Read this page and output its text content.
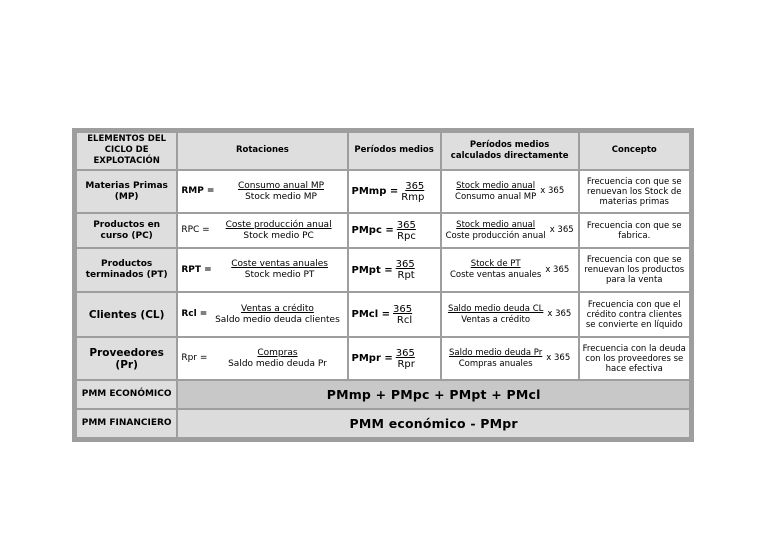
ELEMENTOS DEL CICLO DE EXPLOTACIÓN	Rotaciones	Períodos medios	Períodos medios calculados directamente	Concepto
Materias Primas (MP)	RMP = $\frac{\text{Consumo anual MP}}{\text{Stock medio MP}}$	PMmp = $\frac{365}{\text{Rmp}}$	$\frac{\text{Stock medio anual}}{\text{Consumo anual MP}}$ x 365	Frecuencia con que se renuevan los Stock de materias primas
Productos en curso (PC)	RPC = $\frac{\text{Coste producción anual}}{\text{Stock medio PC}}$	PMpc = $\frac{365}{\text{Rpc}}$	$\frac{\text{Stock medio anual}}{\text{Coste producción anual}}$ x 365	Frecuencia con que se fabrica.
Productos terminados (PT)	RPT = $\frac{\text{Coste ventas anuales}}{\text{Stock medio PT}}$	PMpt = $\frac{365}{\text{Rpt}}$	$\frac{\text{Stock de PT}}{\text{Coste ventas anuales}}$ x 365	Frecuencia con que se renuevan los productos para la venta
Clientes (CL)	Rcl = $\frac{\text{Ventas a crédito}}{\text{Saldo medio deuda clientes}}$	PMcl = $\frac{365}{\text{Rcl}}$	$\frac{\text{Saldo medio deuda CL}}{\text{Ventas a crédito}}$ x 365	Frecuencia con que el crédito contra clientes se convierte en líquido
Proveedores (Pr)	Rpr = $\frac{\text{Compras}}{\text{Saldo medio deuda Pr}}$	PMpr = $\frac{365}{\text{Rpr}}$	$\frac{\text{Saldo medio deuda Pr}}{\text{Compras anuales}}$ x 365	Frecuencia con la deuda con los proveedores se hace efectiva
PMM ECONÓMICO	PMmp + PMpc + PMpt + PMcl			
PMM FINANCIERO	PMM económico - PMpr			
